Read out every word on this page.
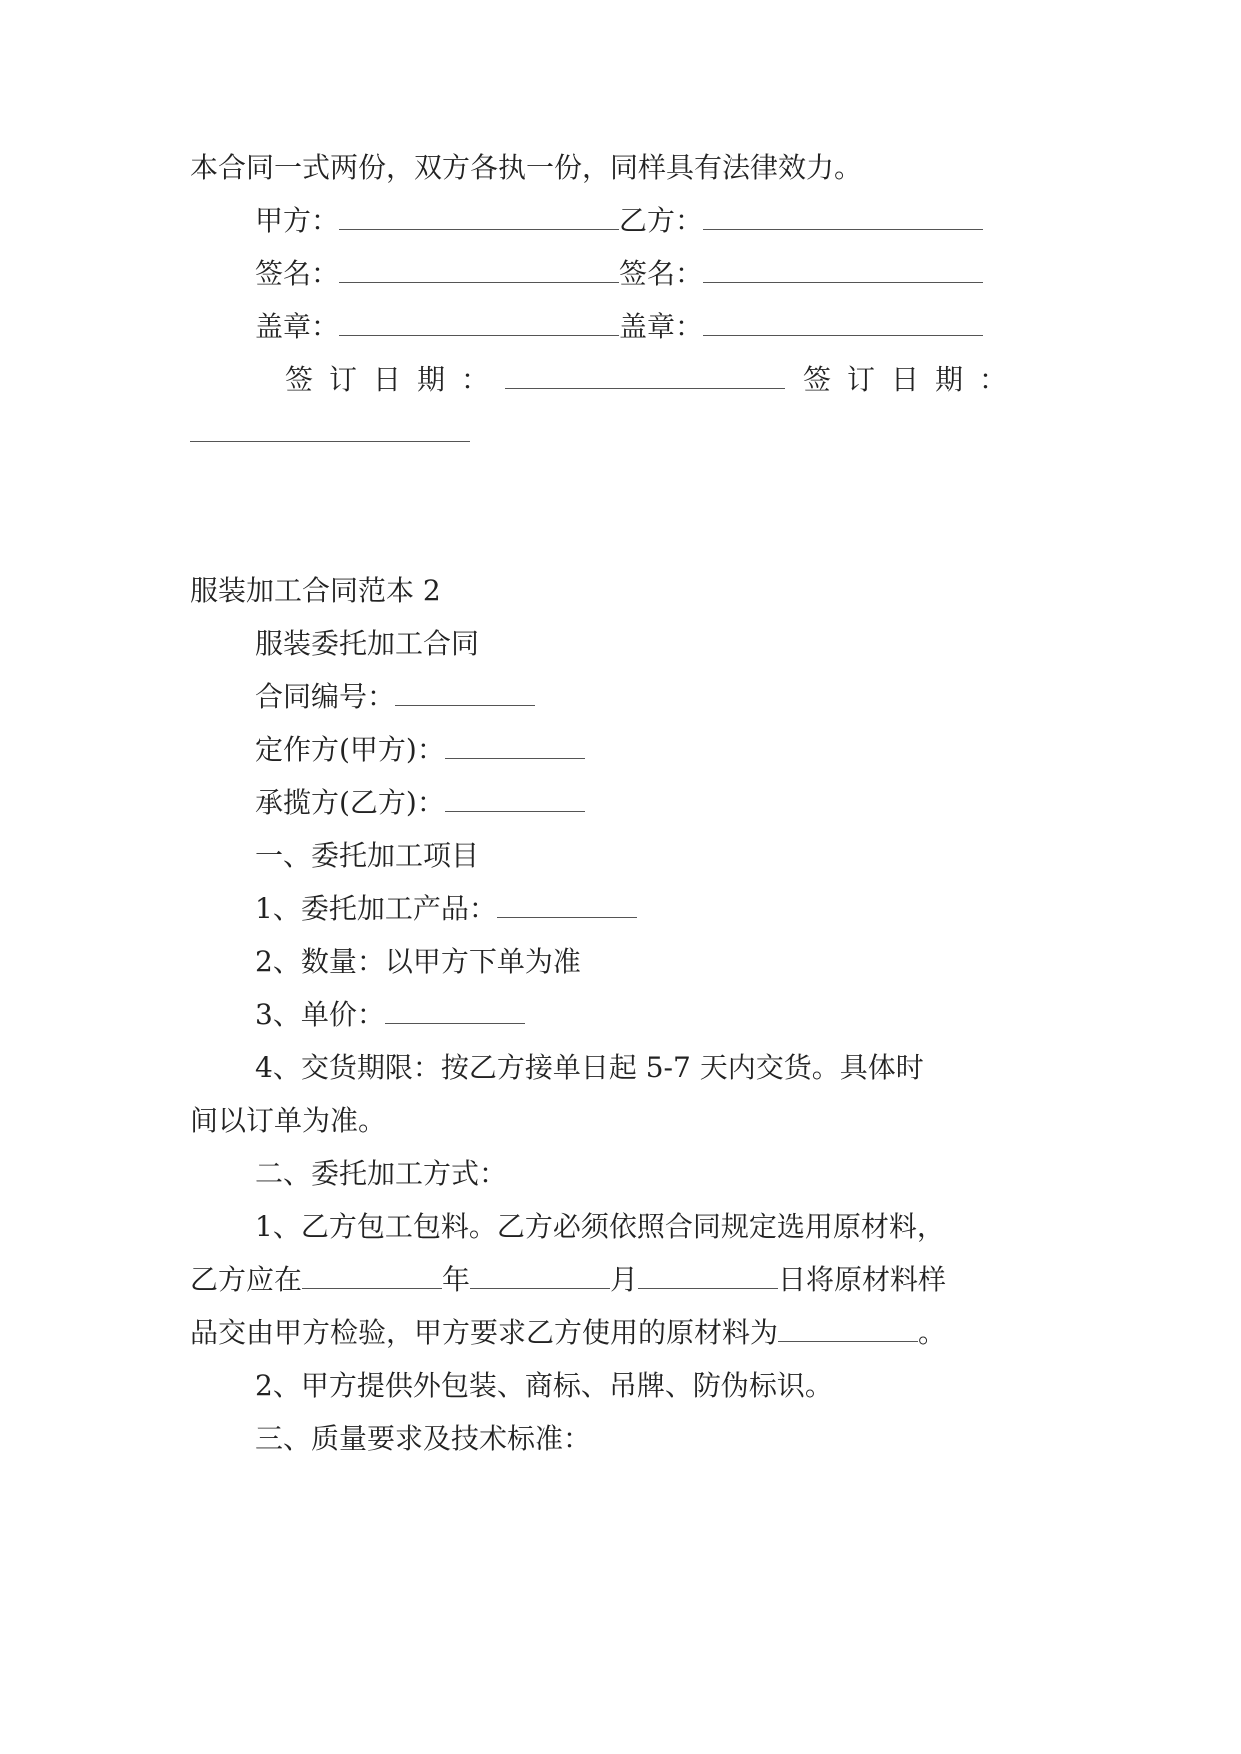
本合同一式两份，双方各执一份，同样具有法律效力。
甲方：	乙方：
签名：	签名：
盖章：	盖章：
签订日期：	签订日期：
服装加工合同范本 2
服装委托加工合同
合同编号：
定作方(甲方)：
承揽方(乙方)：
一、委托加工项目
1、委托加工产品：
2、数量：以甲方下单为准
3、单价：
4、交货期限：按乙方接单日起 5-7 天内交货。具体时
间以订单为准。
二、委托加工方式：
1、乙方包工包料。乙方必须依照合同规定选用原材料，
乙方应在	年	月	日将原材料样
品交由甲方检验，甲方要求乙方使用的原材料为	。
2、甲方提供外包装、商标、吊牌、防伪标识。
三、质量要求及技术标准：
